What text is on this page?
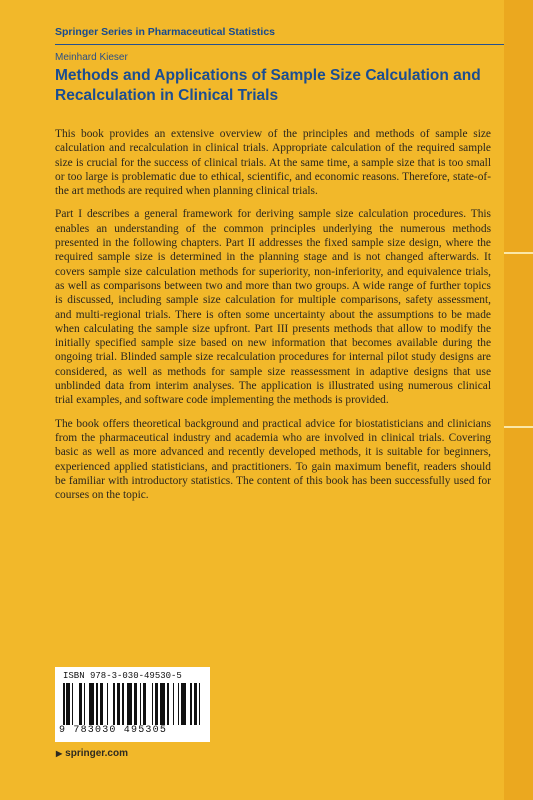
Springer Series in Pharmaceutical Statistics
Meinhard Kieser
Methods and Applications of Sample Size Calculation and
Recalculation in Clinical Trials

This book provides an extensive overview of the principles and methods of sample size calculation and recalculation in clinical trials. Appropriate calculation of the required sample size is crucial for the success of clinical trials. At the same time, a sample size that is too small or too large is problematic due to ethical, scientific, and economic reasons. Therefore, state-of-the art methods are required when planning clinical trials.

Part I describes a general framework for deriving sample size calculation procedures. This enables an understanding of the common principles underlying the numerous methods presented in the following chapters. Part II addresses the fixed sample size design, where the required sample size is determined in the planning stage and is not changed afterwards. It covers sample size calculation methods for superiority, non-inferiority, and equivalence trials, as well as comparisons between two and more than two groups. A wide range of further topics is discussed, including sample size calculation for multiple comparisons, safety assessment, and multi-regional trials. There is often some uncertainty about the assumptions to be made when calculating the sample size upfront. Part III presents methods that allow to modify the initially specified sample size based on new information that becomes available during the ongoing trial. Blinded sample size recalculation procedures for internal pilot study designs are considered, as well as methods for sample size reassessment in adaptive designs that use unblinded data from interim analyses. The application is illustrated using numerous clinical trial examples, and software code implementing the methods is provided.

The book offers theoretical background and practical advice for biostatisticians and clinicians from the pharmaceutical industry and academia who are involved in clinical trials. Covering basic as well as more advanced and recently developed methods, it is suitable for beginners, experienced applied statisticians, and practitioners. To gain maximum benefit, readers should be familiar with introductory statistics. The content of this book has been successfully used for courses on the topic.

ISBN 978-3-030-49530-5
9 783030 495305
▶ springer.com
